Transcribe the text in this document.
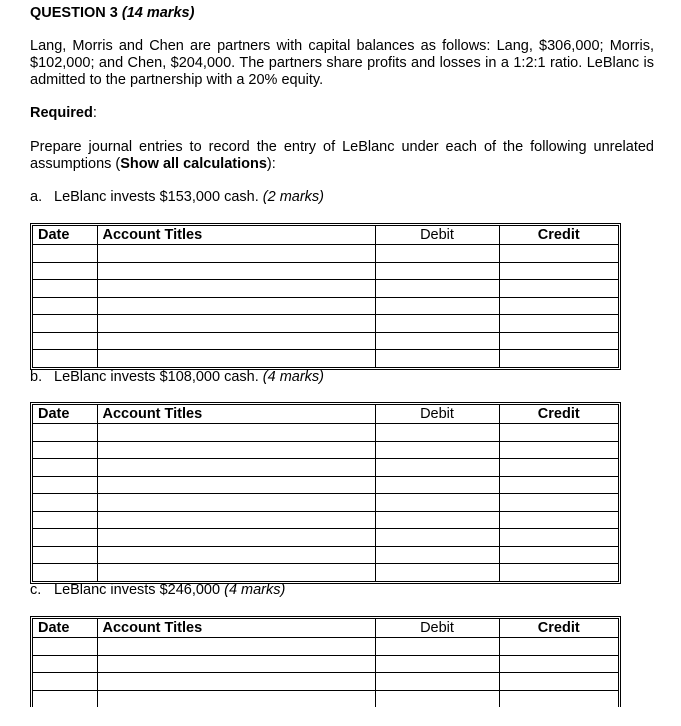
QUESTION 3 (14 marks)
Lang, Morris and Chen are partners with capital balances as follows: Lang, $306,000; Morris, $102,000; and Chen, $204,000. The partners share profits and losses in a 1:2:1 ratio. LeBlanc is admitted to the partnership with a 20% equity.
Required:
Prepare journal entries to record the entry of LeBlanc under each of the following unrelated assumptions (Show all calculations):
a. LeBlanc invests $153,000 cash. (2 marks)
Date	Account Titles	Debit	Credit

b. LeBlanc invests $108,000 cash. (4 marks)
Date	Account Titles	Debit	Credit

c. LeBlanc invests $246,000 (4 marks)
Date	Account Titles	Debit	Credit
